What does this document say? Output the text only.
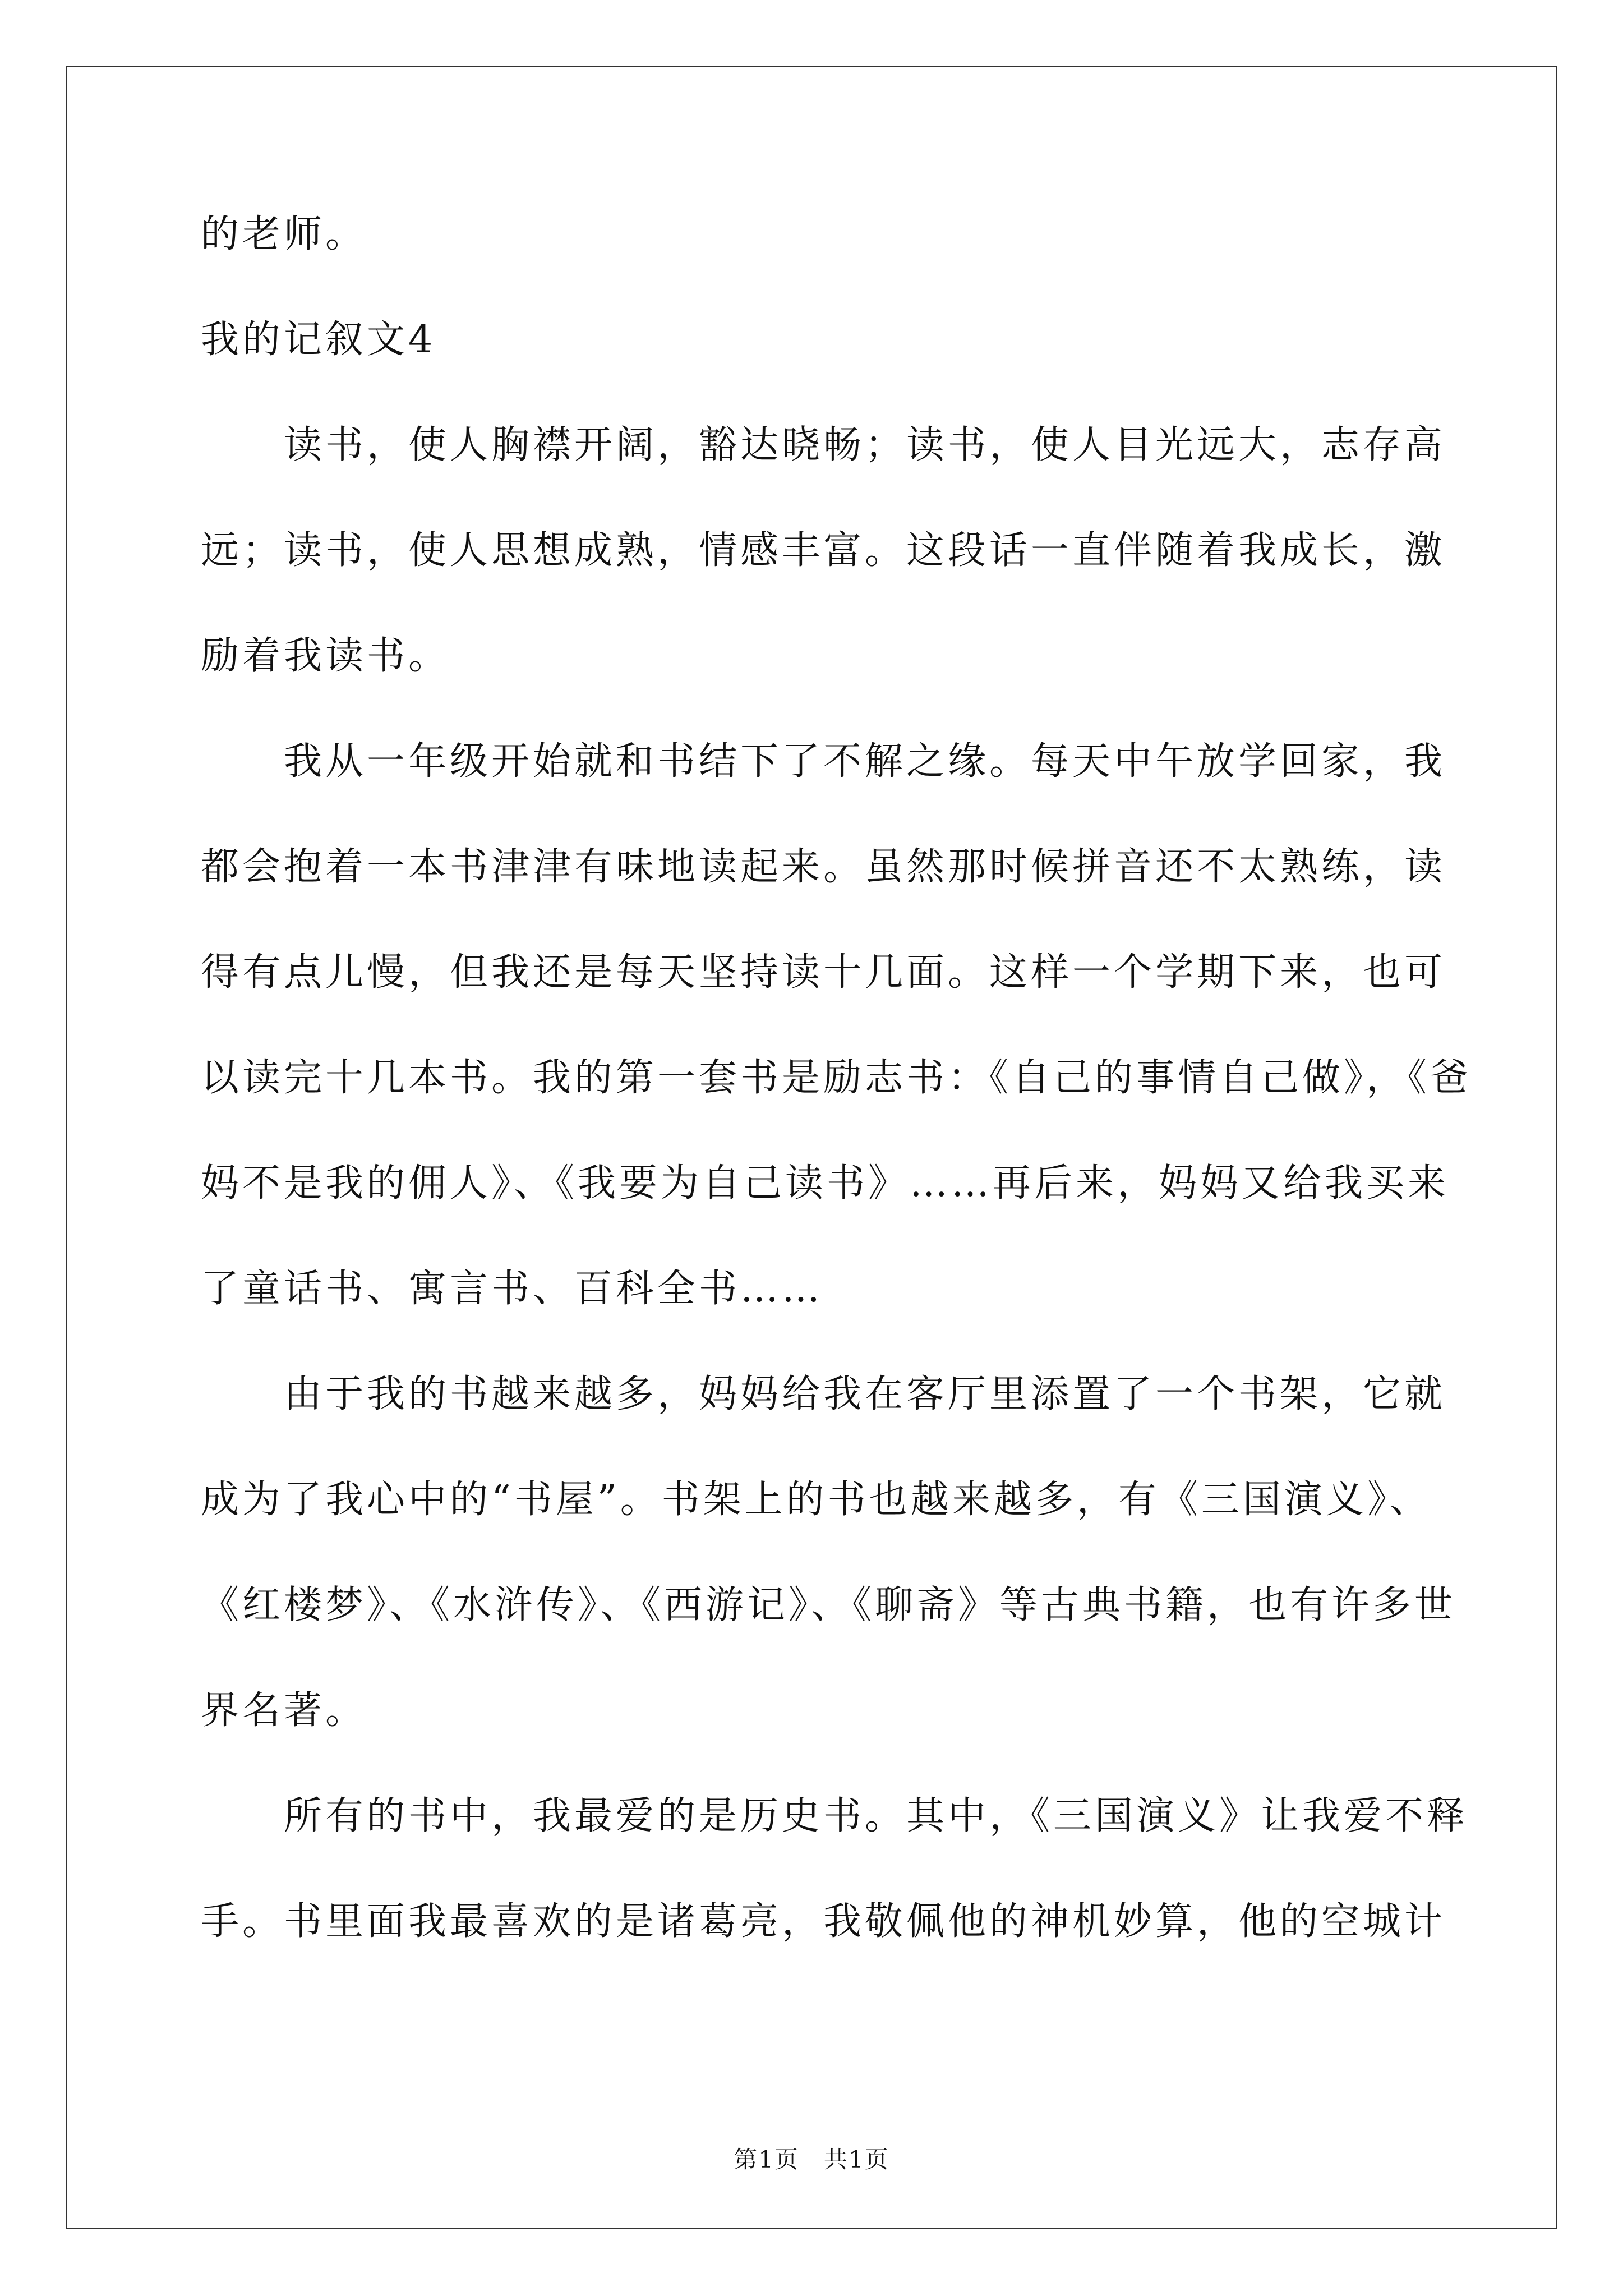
的老师。

我的记叙文4

读书，使人胸襟开阔，豁达晓畅；读书，使人目光远大，志存高

远；读书，使人思想成熟，情感丰富。这段话一直伴随着我成长，激

励着我读书。

我从一年级开始就和书结下了不解之缘。每天中午放学回家，我

都会抱着一本书津津有味地读起来。虽然那时候拼音还不太熟练，读

得有点儿慢，但我还是每天坚持读十几面。这样一个学期下来，也可

以读完十几本书。我的第一套书是励志书：《自己的事情自己做》，《爸

妈不是我的佣人》、《我要为自己读书》……再后来，妈妈又给我买来

了童话书、寓言书、百科全书……

由于我的书越来越多，妈妈给我在客厅里添置了一个书架，它就

成为了我心中的“书屋”。书架上的书也越来越多，有《三国演义》、

《红楼梦》、《水浒传》、《西游记》、《聊斋》等古典书籍，也有许多世

界名著。

所有的书中，我最爱的是历史书。其中，《三国演义》让我爱不释

手。书里面我最喜欢的是诸葛亮，我敬佩他的神机妙算，他的空城计

第1页　共1页
